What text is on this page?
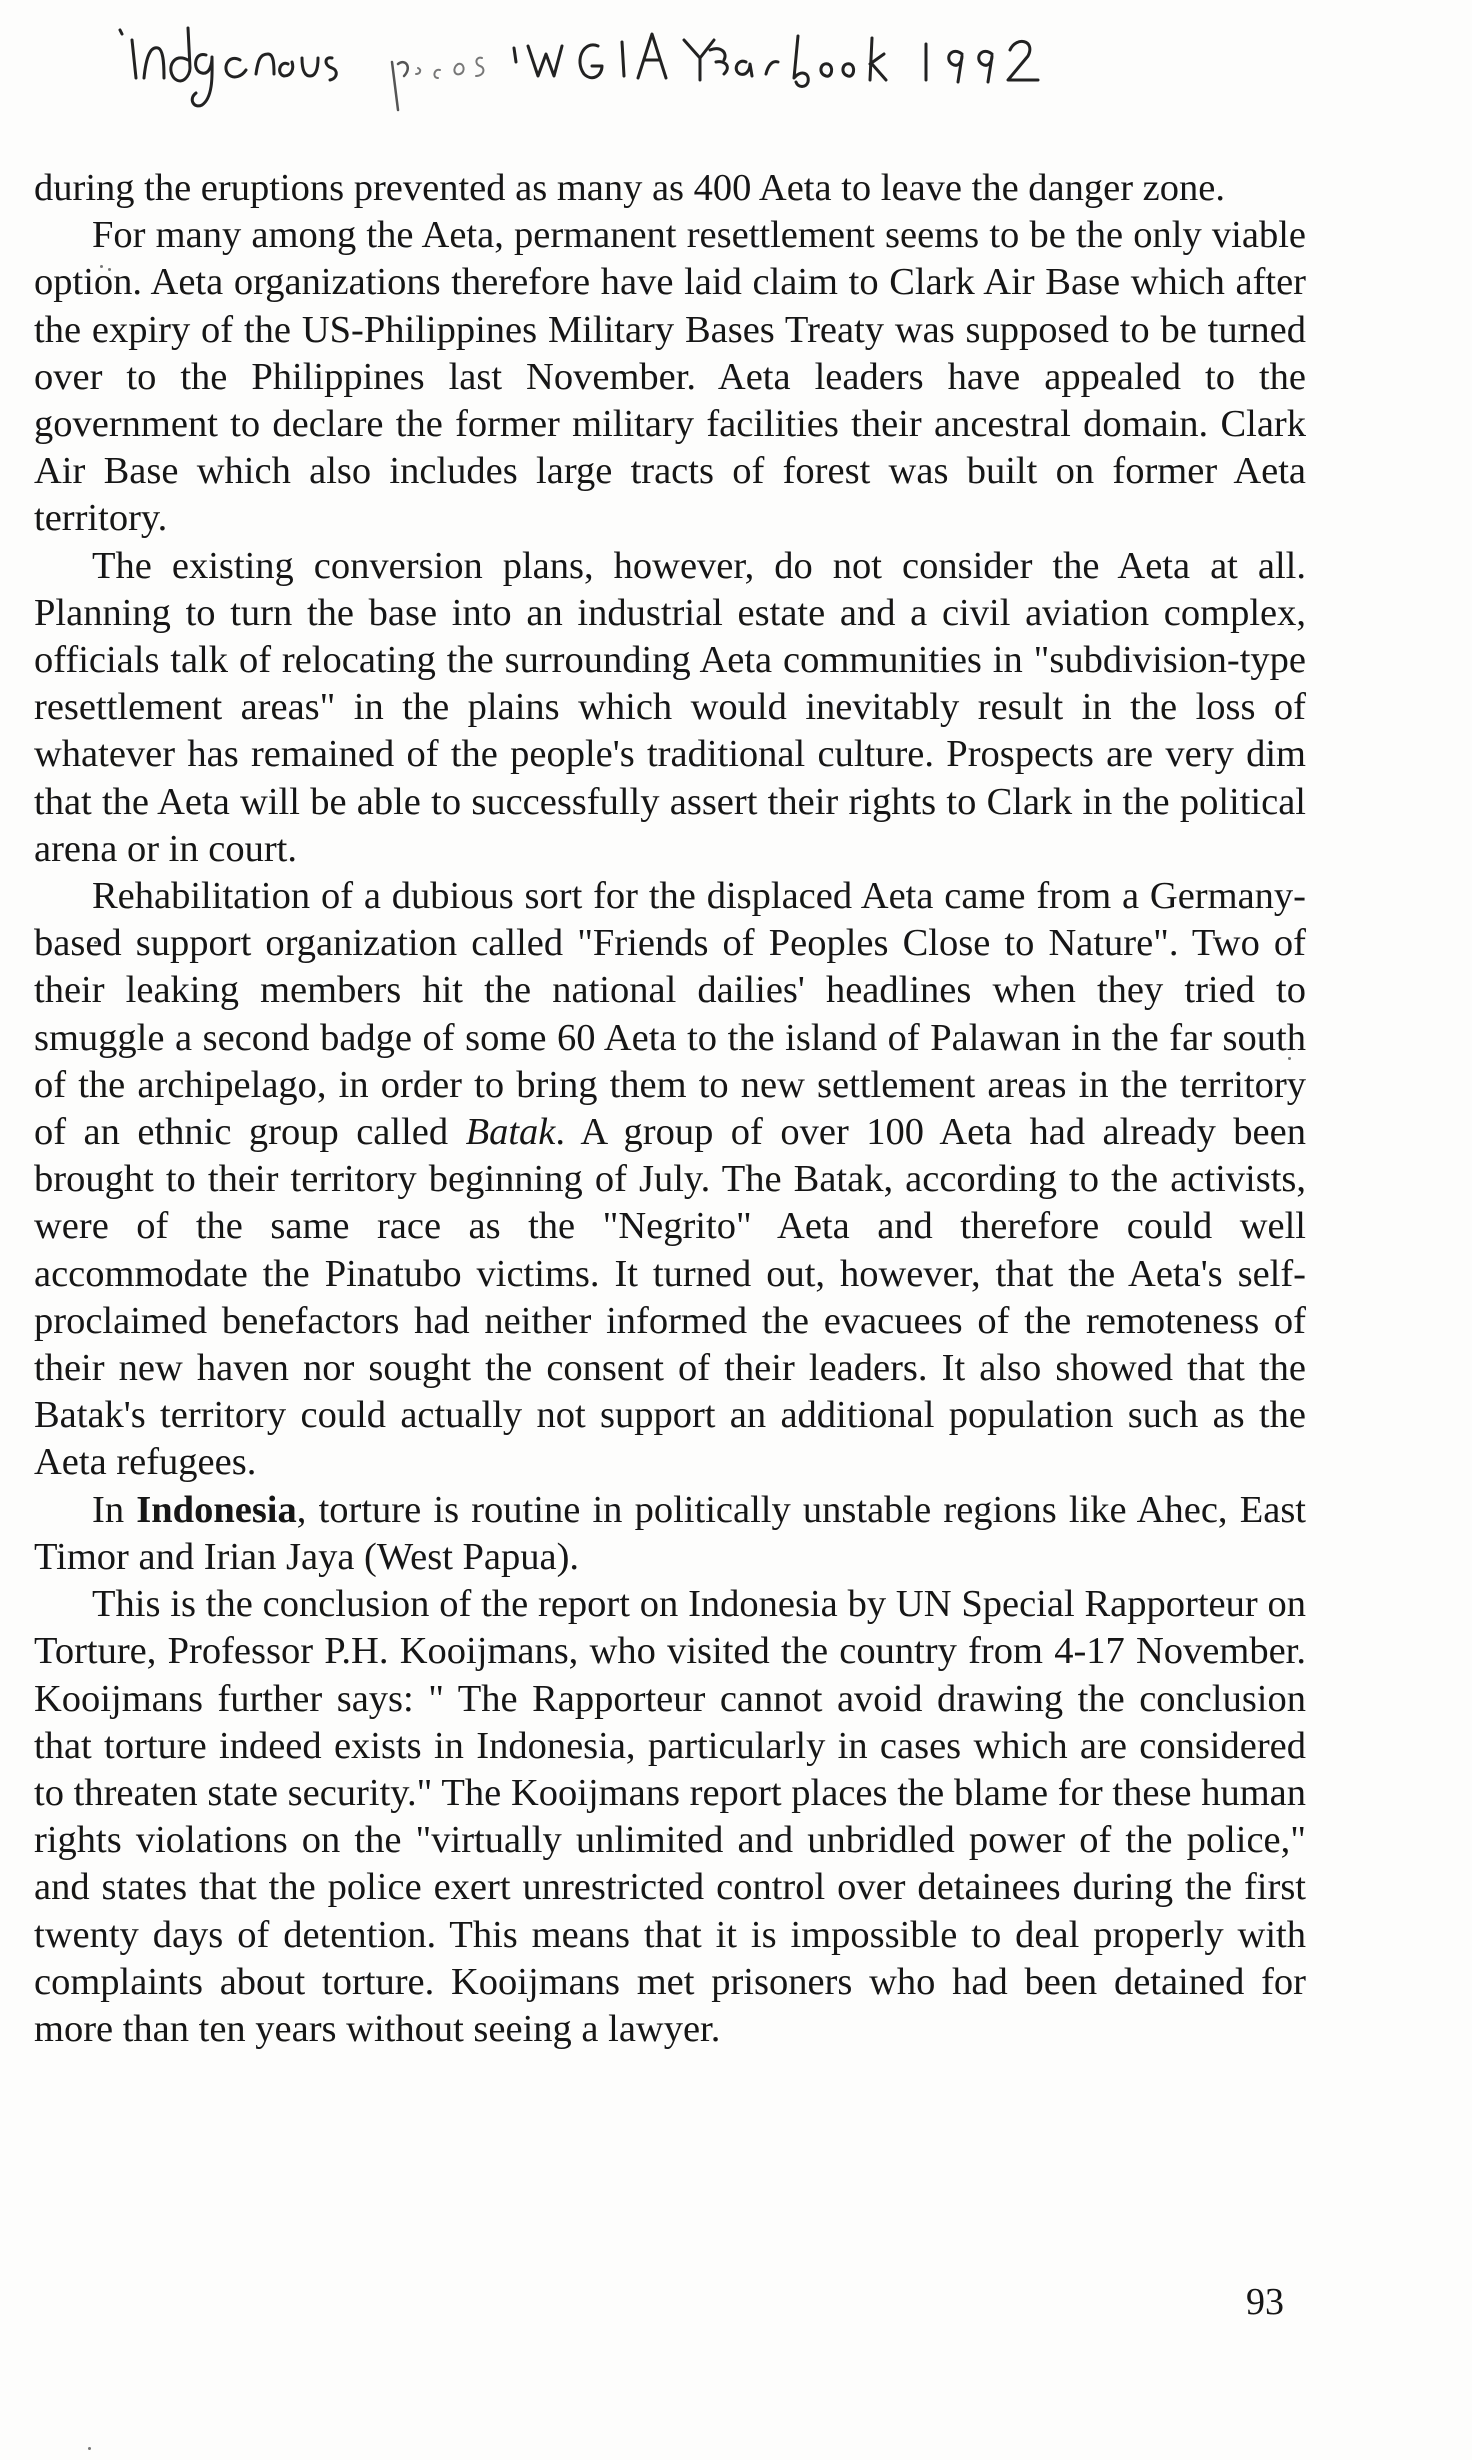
Indigenous peoples IWGIA Yearbook 1992

during the eruptions prevented as many as 400 Aeta to leave the danger zone.

For many among the Aeta, permanent resettlement seems to be the only viable option. Aeta organizations therefore have laid claim to Clark Air Base which after the expiry of the US-Philippines Military Bases Treaty was supposed to be turned over to the Philippines last November. Aeta leaders have appealed to the government to declare the former military facilities their ancestral domain. Clark Air Base which also includes large tracts of forest was built on former Aeta territory.

The existing conversion plans, however, do not consider the Aeta at all. Planning to turn the base into an industrial estate and a civil aviation complex, officials talk of relocating the surrounding Aeta communities in "subdivision-type resettlement areas" in the plains which would inevitably result in the loss of whatever has remained of the people's traditional culture. Prospects are very dim that the Aeta will be able to successfully assert their rights to Clark in the political arena or in court.

Rehabilitation of a dubious sort for the displaced Aeta came from a Germany-based support organization called "Friends of Peoples Close to Nature". Two of their leaking members hit the national dailies' headlines when they tried to smuggle a second badge of some 60 Aeta to the island of Palawan in the far south of the archipelago, in order to bring them to new settlement areas in the territory of an ethnic group called Batak. A group of over 100 Aeta had already been brought to their territory beginning of July. The Batak, according to the activists, were of the same race as the "Negrito" Aeta and therefore could well accommodate the Pinatubo victims. It turned out, however, that the Aeta's self-proclaimed benefactors had neither informed the evacuees of the remoteness of their new haven nor sought the consent of their leaders. It also showed that the Batak's territory could actually not support an additional population such as the Aeta refugees.

In Indonesia, torture is routine in politically unstable regions like Ahec, East Timor and Irian Jaya (West Papua).

This is the conclusion of the report on Indonesia by UN Special Rapporteur on Torture, Professor P.H. Kooijmans, who visited the country from 4-17 November. Kooijmans further says: " The Rapporteur cannot avoid drawing the conclusion that torture indeed exists in Indonesia, particularly in cases which are considered to threaten state security." The Kooijmans report places the blame for these human rights violations on the "virtually unlimited and unbridled power of the police," and states that the police exert unrestricted control over detainees during the first twenty days of detention. This means that it is impossible to deal properly with complaints about torture. Kooijmans met prisoners who had been detained for more than ten years without seeing a lawyer.

93
